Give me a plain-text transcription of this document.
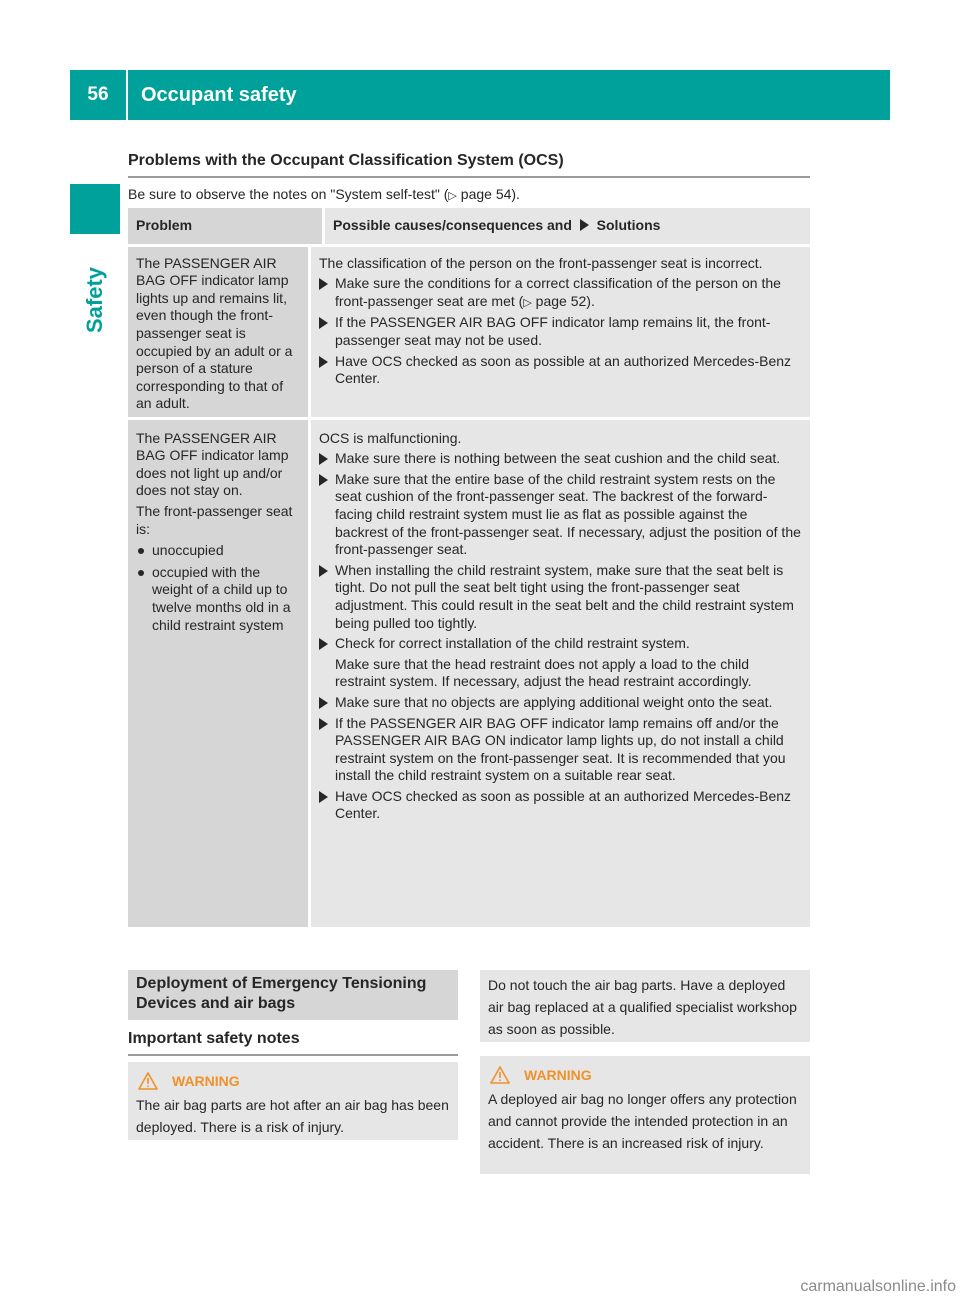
56	Occupant safety
Safety
Problems with the Occupant Classification System (OCS)
Be sure to observe the notes on "System self-test" (▷ page 54).
Problem	Possible causes/consequences and  Solutions
The PASSENGER AIR BAG OFF indicator lamp lights up and remains lit, even though the front-passenger seat is occupied by an adult or a person of a stature corresponding to that of an adult.

The classification of the person on the front-passenger seat is incorrect.

Make sure the conditions for a correct classification of the person on the front-passenger seat are met (▷ page 52).
If the PASSENGER AIR BAG OFF indicator lamp remains lit, the front-passenger seat may not be used.
Have OCS checked as soon as possible at an authorized Mercedes-Benz Center.

The PASSENGER AIR BAG OFF indicator lamp does not light up and/or does not stay on.

The front-passenger seat is:

unoccupied
occupied with the weight of a child up to twelve months old in a child restraint system

OCS is malfunctioning.

Make sure there is nothing between the seat cushion and the child seat.
Make sure that the entire base of the child restraint system rests on the seat cushion of the front-passenger seat. The backrest of the forward-facing child restraint system must lie as flat as possible against the backrest of the front-passenger seat. If necessary, adjust the position of the front-passenger seat.
When installing the child restraint system, make sure that the seat belt is tight. Do not pull the seat belt tight using the front-passenger seat adjustment. This could result in the seat belt and the child restraint system being pulled too tightly.
Check for correct installation of the child restraint system.
Make sure that the head restraint does not apply a load to the child restraint system. If necessary, adjust the head restraint accordingly.
Make sure that no objects are applying additional weight onto the seat.
If the PASSENGER AIR BAG OFF indicator lamp remains off and/or the PASSENGER AIR BAG ON indicator lamp lights up, do not install a child restraint system on the front-passenger seat. It is recommended that you install the child restraint system on a suitable rear seat.
Have OCS checked as soon as possible at an authorized Mercedes-Benz Center.
Deployment of Emergency Tensioning Devices and air bags
Important safety notes
WARNING
The air bag parts are hot after an air bag has been deployed. There is a risk of injury.
Do not touch the air bag parts. Have a deployed air bag replaced at a qualified specialist workshop as soon as possible.
WARNING
A deployed air bag no longer offers any protection and cannot provide the intended protection in an accident. There is an increased risk of injury.
carmanualsonline.info
